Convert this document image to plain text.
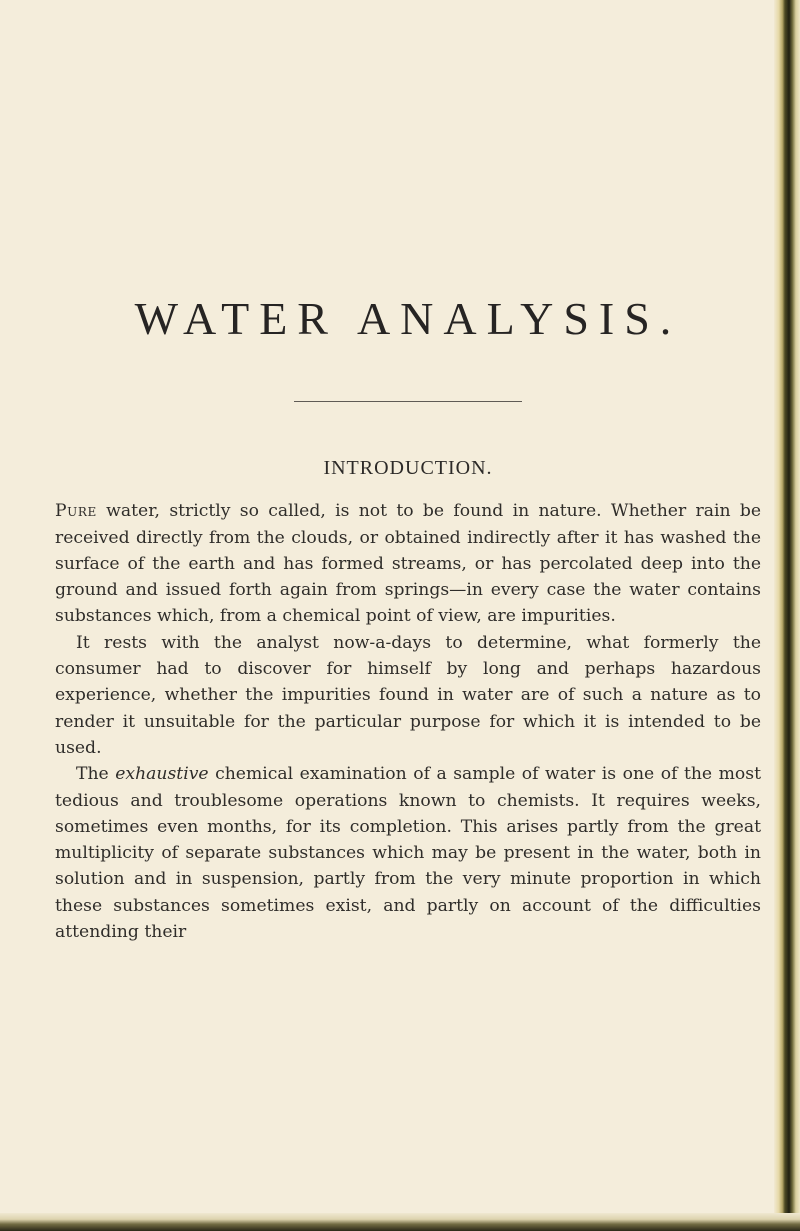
WATER ANALYSIS.
INTRODUCTION.

Pure water, strictly so called, is not to be found in nature. Whether rain be received directly from the clouds, or obtained indirectly after it has washed the surface of the earth and has formed streams, or has percolated deep into the ground and issued forth again from springs—in every case the water contains substances which, from a chemical point of view, are impurities.

It rests with the analyst now-a-days to determine, what formerly the consumer had to discover for himself by long and perhaps hazardous experience, whether the impurities found in water are of such a nature as to render it unsuitable for the particular purpose for which it is intended to be used.

The exhaustive chemical examination of a sample of water is one of the most tedious and troublesome operations known to chemists. It requires weeks, sometimes even months, for its completion. This arises partly from the great multiplicity of separate substances which may be present in the water, both in solution and in suspension, partly from the very minute proportion in which these substances sometimes exist, and partly on account of the difficulties attending their
